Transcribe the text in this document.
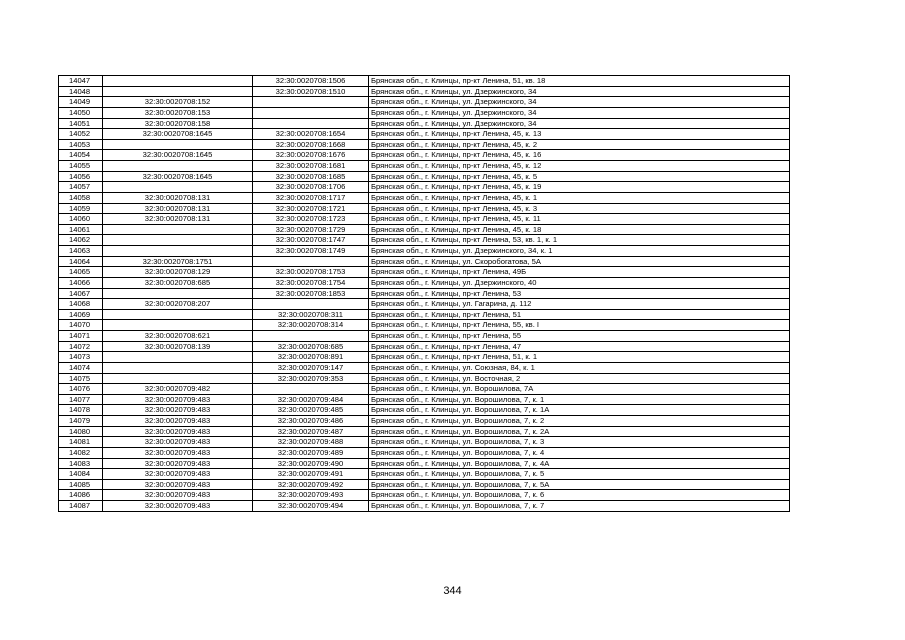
14047		32:30:0020708:1506	Брянская обл., г. Клинцы, пр-кт Ленина, 51, кв. 18
14048		32:30:0020708:1510	Брянская обл., г. Клинцы, ул. Дзержинского, 34
14049	32:30:0020708:152		Брянская обл., г. Клинцы, ул. Дзержинского, 34
14050	32:30:0020708:153		Брянская обл., г. Клинцы, ул. Дзержинского, 34
14051	32:30:0020708:158		Брянская обл., г. Клинцы, ул. Дзержинского, 34
14052	32:30:0020708:1645	32:30:0020708:1654	Брянская обл., г. Клинцы, пр-кт Ленина, 45, к. 13
14053		32:30:0020708:1668	Брянская обл., г. Клинцы, пр-кт Ленина, 45, к. 2
14054	32:30:0020708:1645	32:30:0020708:1676	Брянская обл., г. Клинцы, пр-кт Ленина, 45, к. 16
14055		32:30:0020708:1681	Брянская обл., г. Клинцы, пр-кт Ленина, 45, к. 12
14056	32:30:0020708:1645	32:30:0020708:1685	Брянская обл., г. Клинцы, пр-кт Ленина, 45, к. 5
14057		32:30:0020708:1706	Брянская обл., г. Клинцы, пр-кт Ленина, 45, к. 19
14058	32:30:0020708:131	32:30:0020708:1717	Брянская обл., г. Клинцы, пр-кт Ленина, 45, к. 1
14059	32:30:0020708:131	32:30:0020708:1721	Брянская обл., г. Клинцы, пр-кт Ленина, 45, к. 3
14060	32:30:0020708:131	32:30:0020708:1723	Брянская обл., г. Клинцы, пр-кт Ленина, 45, к. 11
14061		32:30:0020708:1729	Брянская обл., г. Клинцы, пр-кт Ленина, 45, к. 18
14062		32:30:0020708:1747	Брянская обл., г. Клинцы, пр-кт Ленина, 53, кв. 1, к. 1
14063		32:30:0020708:1749	Брянская обл., г. Клинцы, ул. Дзержинского, 34, к. 1
14064	32:30:0020708:1751		Брянская обл., г. Клинцы, ул. Скоробогатова, 5А
14065	32:30:0020708:129	32:30:0020708:1753	Брянская обл., г. Клинцы, пр-кт Ленина, 49Б
14066	32:30:0020708:685	32:30:0020708:1754	Брянская обл., г. Клинцы, ул. Дзержинского, 40
14067		32:30:0020708:1853	Брянская обл., г. Клинцы, пр-кт Ленина, 53
14068	32:30:0020708:207		Брянская обл., г. Клинцы, ул. Гагарина, д. 112
14069		32:30:0020708:311	Брянская обл., г. Клинцы, пр-кт Ленина, 51
14070		32:30:0020708:314	Брянская обл., г. Клинцы, пр-кт Ленина, 55, кв. I
14071	32:30:0020708:621		Брянская обл., г. Клинцы, пр-кт Ленина, 55
14072	32:30:0020708:139	32:30:0020708:685	Брянская обл., г. Клинцы, пр-кт Ленина, 47
14073		32:30:0020708:891	Брянская обл., г. Клинцы, пр-кт Ленина, 51, к. 1
14074		32:30:0020709:147	Брянская обл., г. Клинцы, ул. Союзная, 84, к. 1
14075		32:30:0020709:353	Брянская обл., г. Клинцы, ул. Восточная, 2
14076	32:30:0020709:482		Брянская обл., г. Клинцы, ул. Ворошилова, 7А
14077	32:30:0020709:483	32:30:0020709:484	Брянская обл., г. Клинцы, ул. Ворошилова, 7, к. 1
14078	32:30:0020709:483	32:30:0020709:485	Брянская обл., г. Клинцы, ул. Ворошилова, 7, к. 1А
14079	32:30:0020709:483	32:30:0020709:486	Брянская обл., г. Клинцы, ул. Ворошилова, 7, к. 2
14080	32:30:0020709:483	32:30:0020709:487	Брянская обл., г. Клинцы, ул. Ворошилова, 7, к. 2А
14081	32:30:0020709:483	32:30:0020709:488	Брянская обл., г. Клинцы, ул. Ворошилова, 7, к. 3
14082	32:30:0020709:483	32:30:0020709:489	Брянская обл., г. Клинцы, ул. Ворошилова, 7, к. 4
14083	32:30:0020709:483	32:30:0020709:490	Брянская обл., г. Клинцы, ул. Ворошилова, 7, к. 4А
14084	32:30:0020709:483	32:30:0020709:491	Брянская обл., г. Клинцы, ул. Ворошилова, 7, к. 5
14085	32:30:0020709:483	32:30:0020709:492	Брянская обл., г. Клинцы, ул. Ворошилова, 7, к. 5А
14086	32:30:0020709:483	32:30:0020709:493	Брянская обл., г. Клинцы, ул. Ворошилова, 7, к. 6
14087	32:30:0020709:483	32:30:0020709:494	Брянская обл., г. Клинцы, ул. Ворошилова, 7, к. 7
344
